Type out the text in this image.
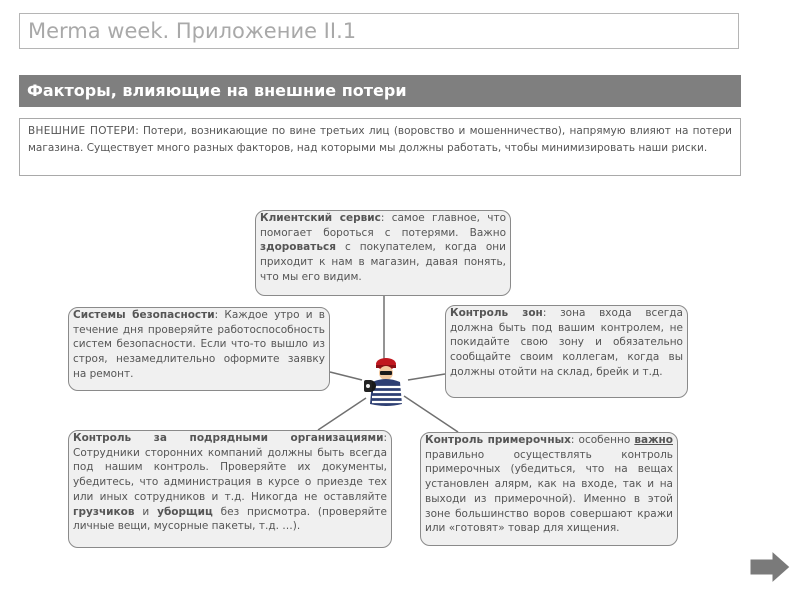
Merma week. Приложение II.1
Факторы, влияющие на внешние потери
ВНЕШНИЕ ПОТЕРИ: Потери, возникающие по вине третьих лиц (воровство и мошенничество), напрямую влияют на потери магазина. Существует много разных факторов, над которыми мы должны работать, чтобы минимизировать наши риски.
Клиентский сервис: самое главное, что помогает бороться с потерями. Важно здороваться с покупателем, когда они приходит к нам в магазин, давая понять, что мы его видим.
Контроль зон: зона входа всегда должна быть под вашим контролем, не покидайте свою зону и обязательно сообщайте своим коллегам, когда вы должны отойти на склад, брейк и т.д.
Системы безопасности: Каждое утро и в течение дня проверяйте работоспособность систем безопасности. Если что-то вышло из строя, незамедлительно оформите заявку на ремонт.
Контроль за подрядными организациями: Сотрудники сторонних компаний должны быть всегда под нашим контроль. Проверяйте их документы, убедитесь, что администрация в курсе о приезде тех или иных сотрудников и т.д. Никогда не оставляйте грузчиков и уборщиц без присмотра. (проверяйте личные вещи, мусорные пакеты, т.д. …).
Контроль примерочных: особенно важно правильно осуществлять контроль примерочных (убедиться, что на вещах установлен алярм, как на входе, так и на выходи из примерочной). Именно в этой зоне большинство воров совершают кражи или «готовят» товар для хищения.
